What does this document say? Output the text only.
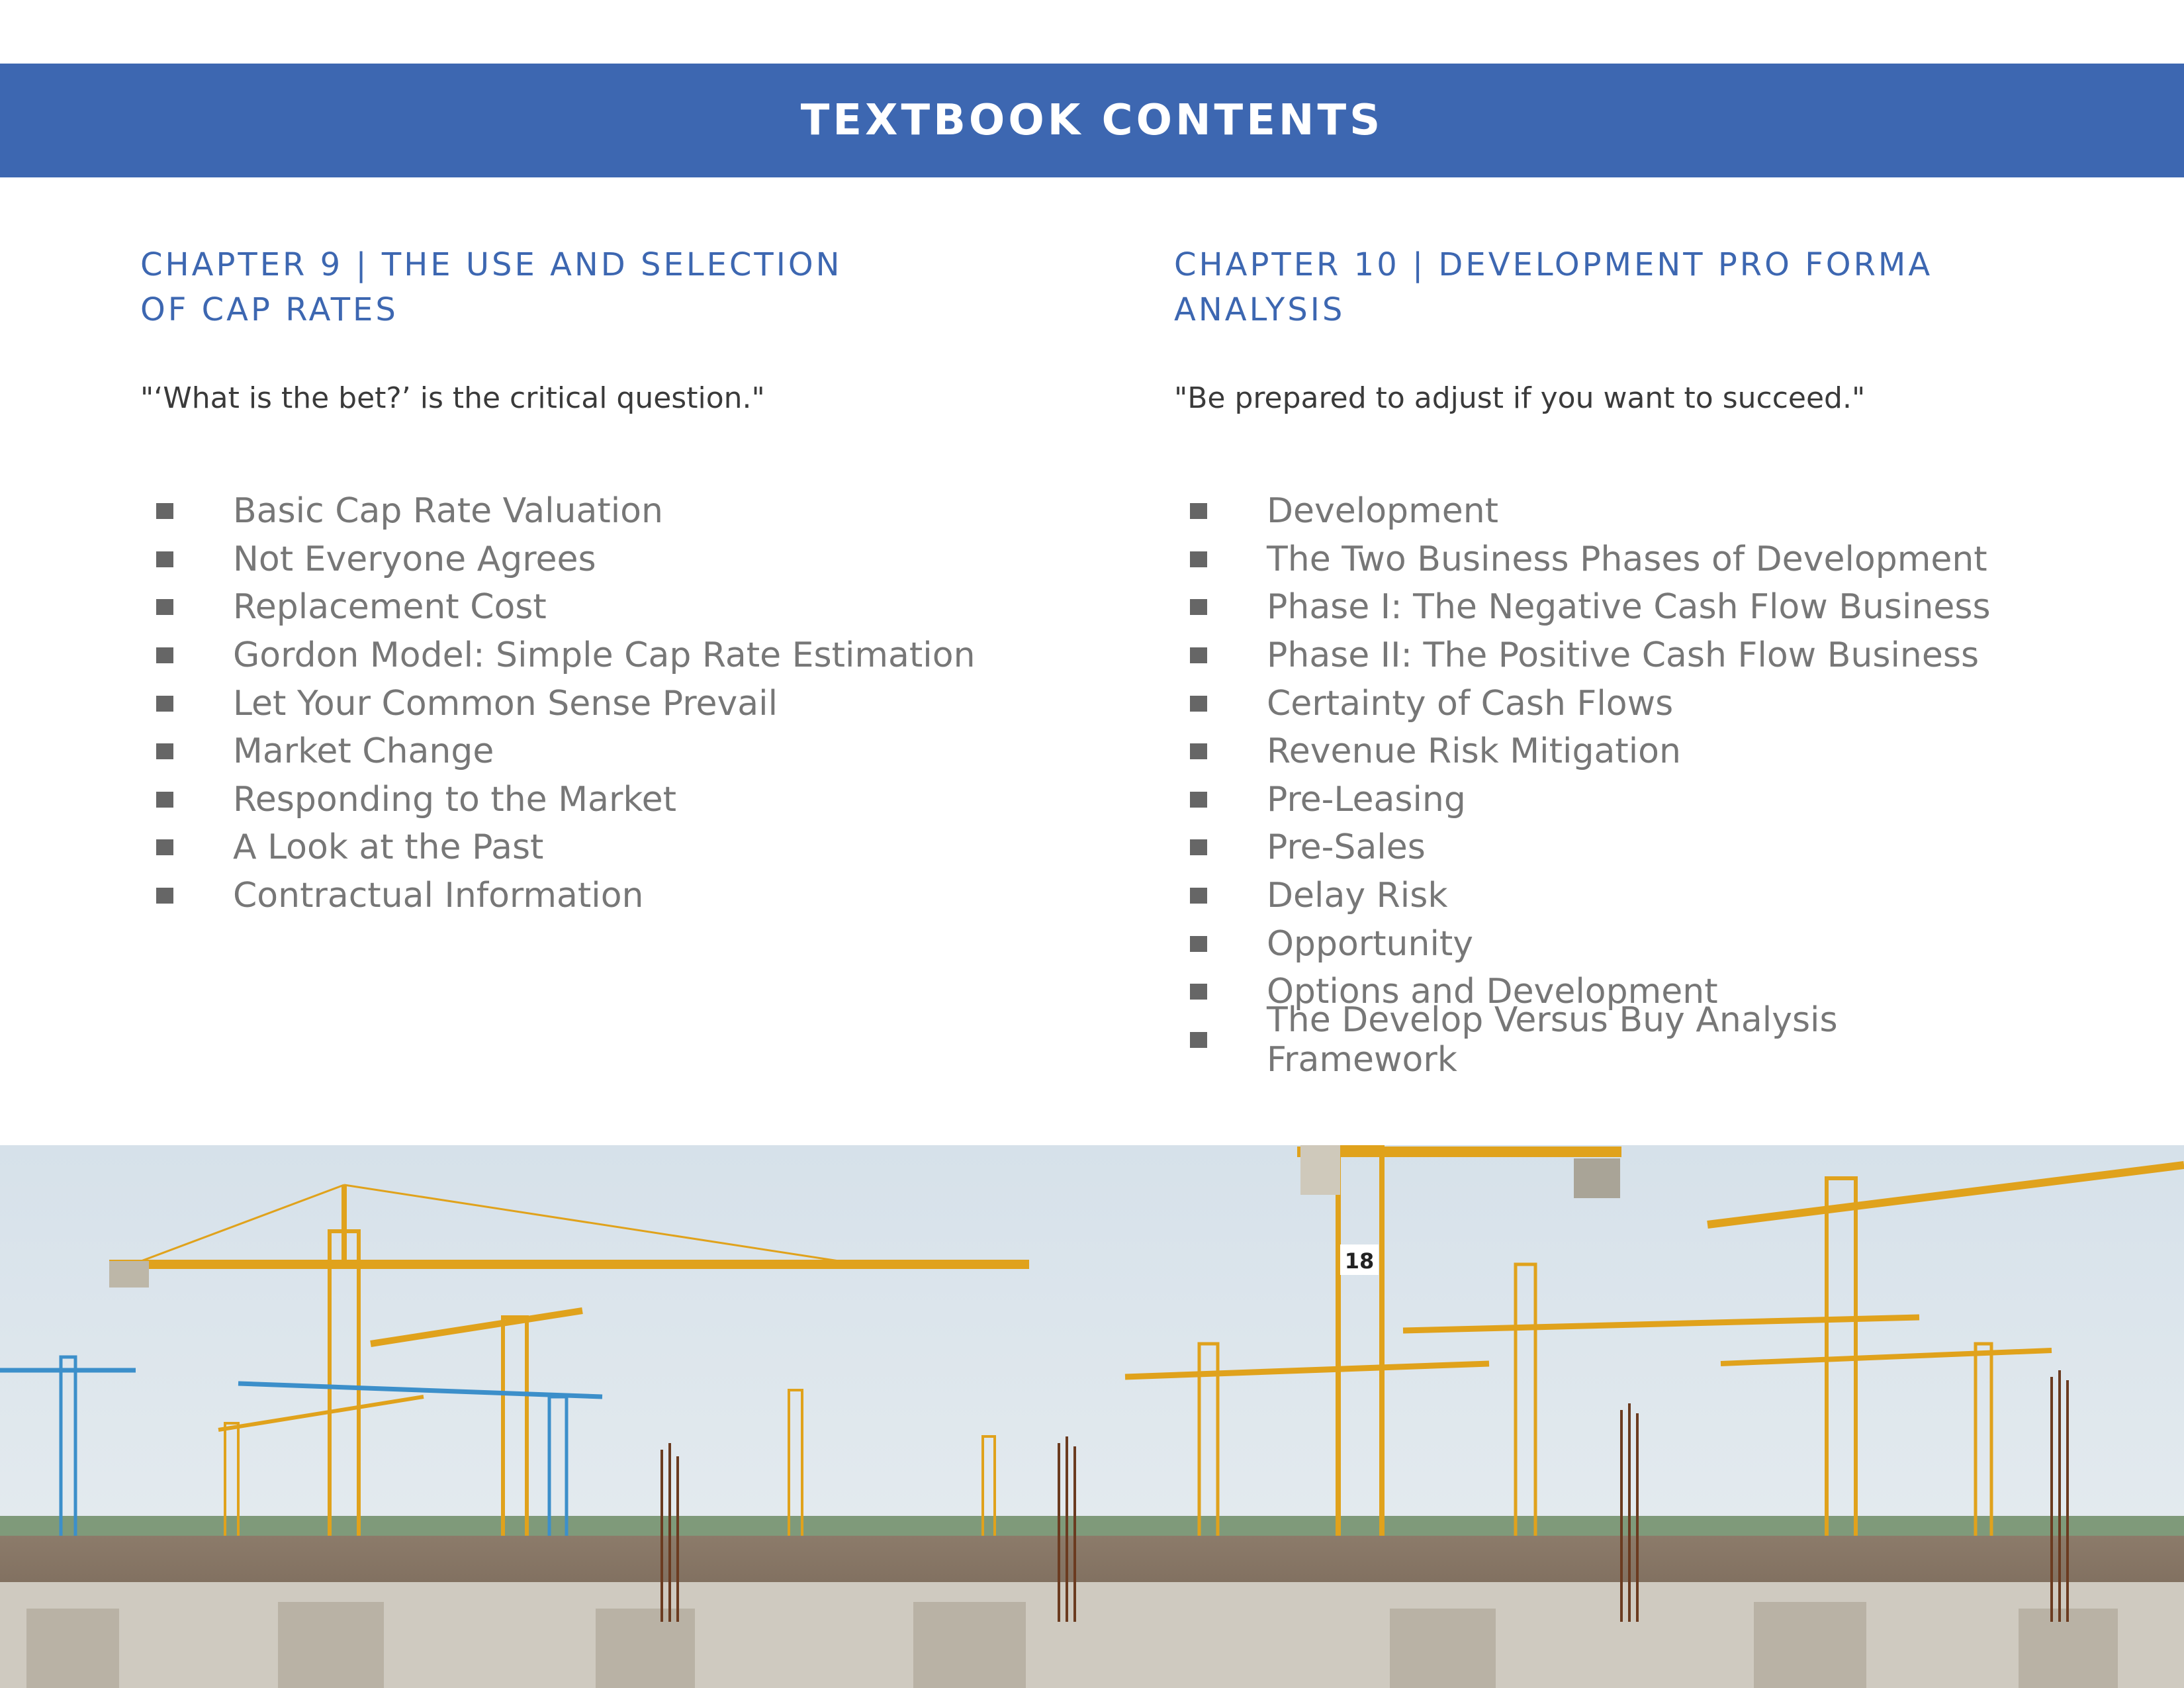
TEXTBOOK CONTENTS
CHAPTER 9 | THE USE AND SELECTION OF CAP RATES

"‘What is the bet?’ is the critical question."

Basic Cap Rate Valuation
Not Everyone Agrees
Replacement Cost
Gordon Model: Simple Cap Rate Estimation
Let Your Common Sense Prevail
Market Change
Responding to the Market
A Look at the Past
Contractual Information
CHAPTER 10 | DEVELOPMENT PRO FORMA ANALYSIS

"Be prepared to adjust if you want to succeed."

Development
The Two Business Phases of Development
Phase I: The Negative Cash Flow Business
Phase II: The Positive Cash Flow Business
Certainty of Cash Flows
Revenue Risk Mitigation
Pre-Leasing
Pre-Sales
Delay Risk
Opportunity
Options and Development
The Develop Versus Buy Analysis Framework
18
